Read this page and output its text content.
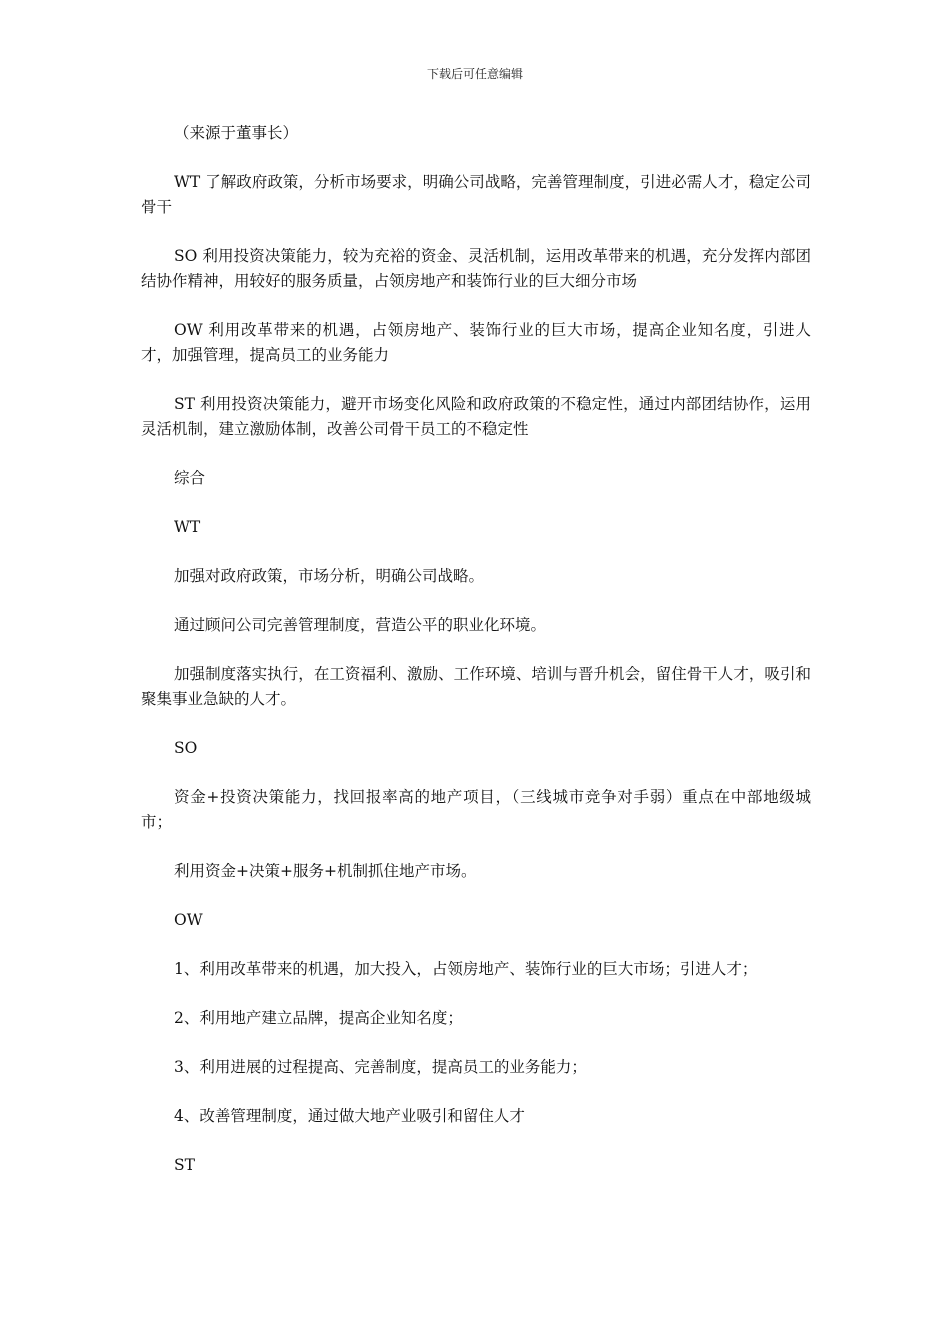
下载后可任意编辑

（来源于董事长）

WT 了解政府政策，分析市场要求，明确公司战略，完善管理制度，引进必需人才，稳定公司骨干

SO 利用投资决策能力，较为充裕的资金、灵活机制，运用改革带来的机遇，充分发挥内部团结协作精神，用较好的服务质量，占领房地产和装饰行业的巨大细分市场

OW 利用改革带来的机遇，占领房地产、装饰行业的巨大市场，提高企业知名度，引进人才，加强管理，提高员工的业务能力

ST 利用投资决策能力，避开市场变化风险和政府政策的不稳定性，通过内部团结协作，运用灵活机制，建立激励体制，改善公司骨干员工的不稳定性

综合

WT

加强对政府政策，市场分析，明确公司战略。

通过顾问公司完善管理制度，营造公平的职业化环境。

加强制度落实执行，在工资福利、激励、工作环境、培训与晋升机会，留住骨干人才，吸引和聚集事业急缺的人才。

SO

资金+投资决策能力，找回报率高的地产项目，（三线城市竞争对手弱）重点在中部地级城市；

利用资金+决策+服务+机制抓住地产市场。

OW

1、利用改革带来的机遇，加大投入，占领房地产、装饰行业的巨大市场；引进人才；

2、利用地产建立品牌，提高企业知名度；

3、利用进展的过程提高、完善制度，提高员工的业务能力；

4、改善管理制度，通过做大地产业吸引和留住人才

ST
